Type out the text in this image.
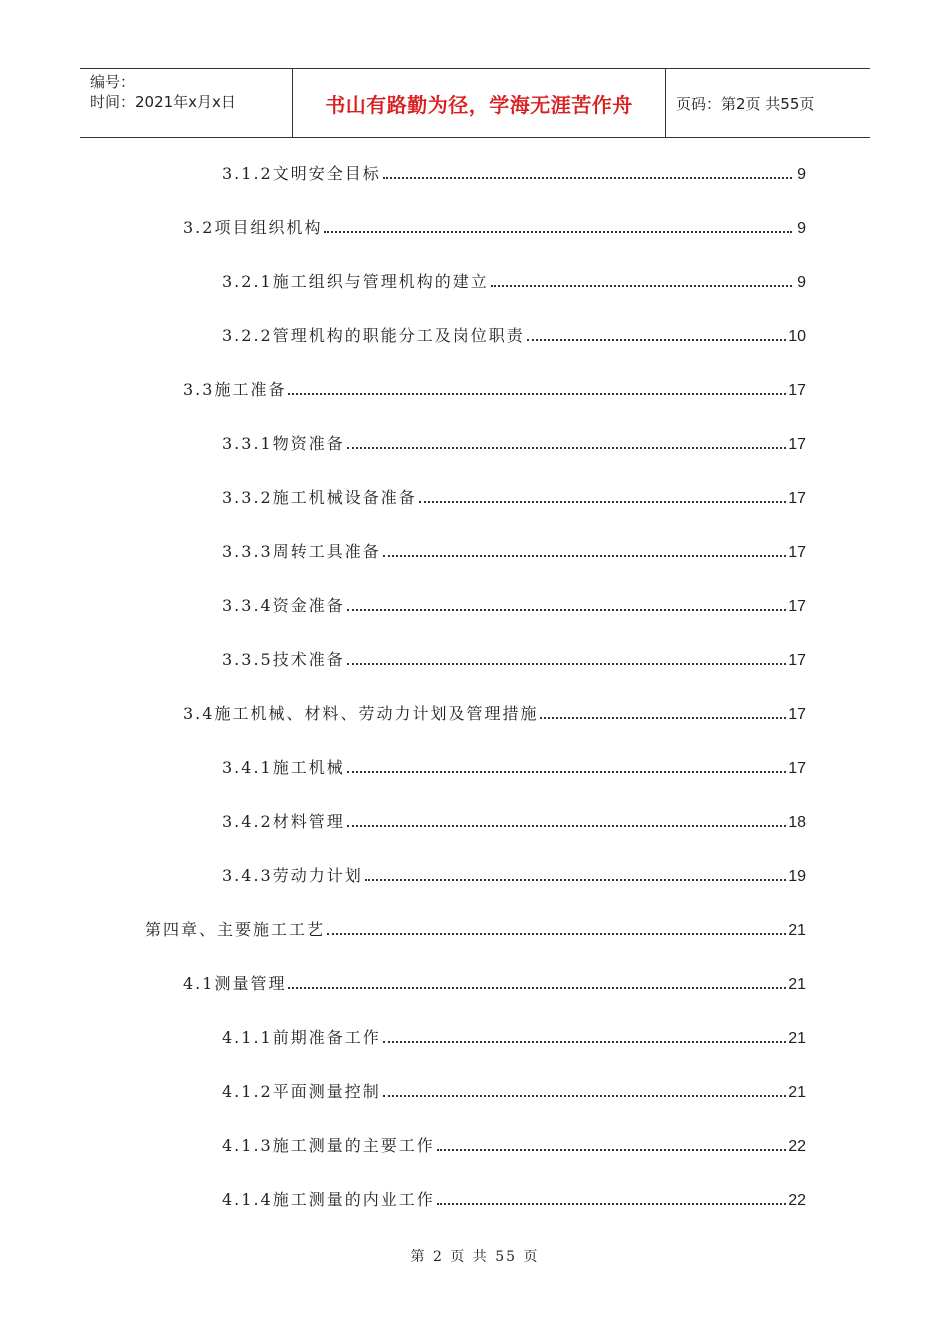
编号：
时间：2021年x月x日	书山有路勤为径，学海无涯苦作舟	页码：第2页 共55页
3.1.2文明安全目标	9
3.2项目组织机构	9
3.2.1施工组织与管理机构的建立	9
3.2.2管理机构的职能分工及岗位职责	10
3.3施工准备	17
3.3.1物资准备	17
3.3.2施工机械设备准备	17
3.3.3周转工具准备	17
3.3.4资金准备	17
3.3.5技术准备	17
3.4施工机械、材料、劳动力计划及管理措施	17
3.4.1施工机械	17
3.4.2材料管理	18
3.4.3劳动力计划	19
第四章、主要施工工艺	21
4.1测量管理	21
4.1.1前期准备工作	21
4.1.2平面测量控制	21
4.1.3施工测量的主要工作	22
4.1.4施工测量的内业工作	22
第 2 页 共 55 页
